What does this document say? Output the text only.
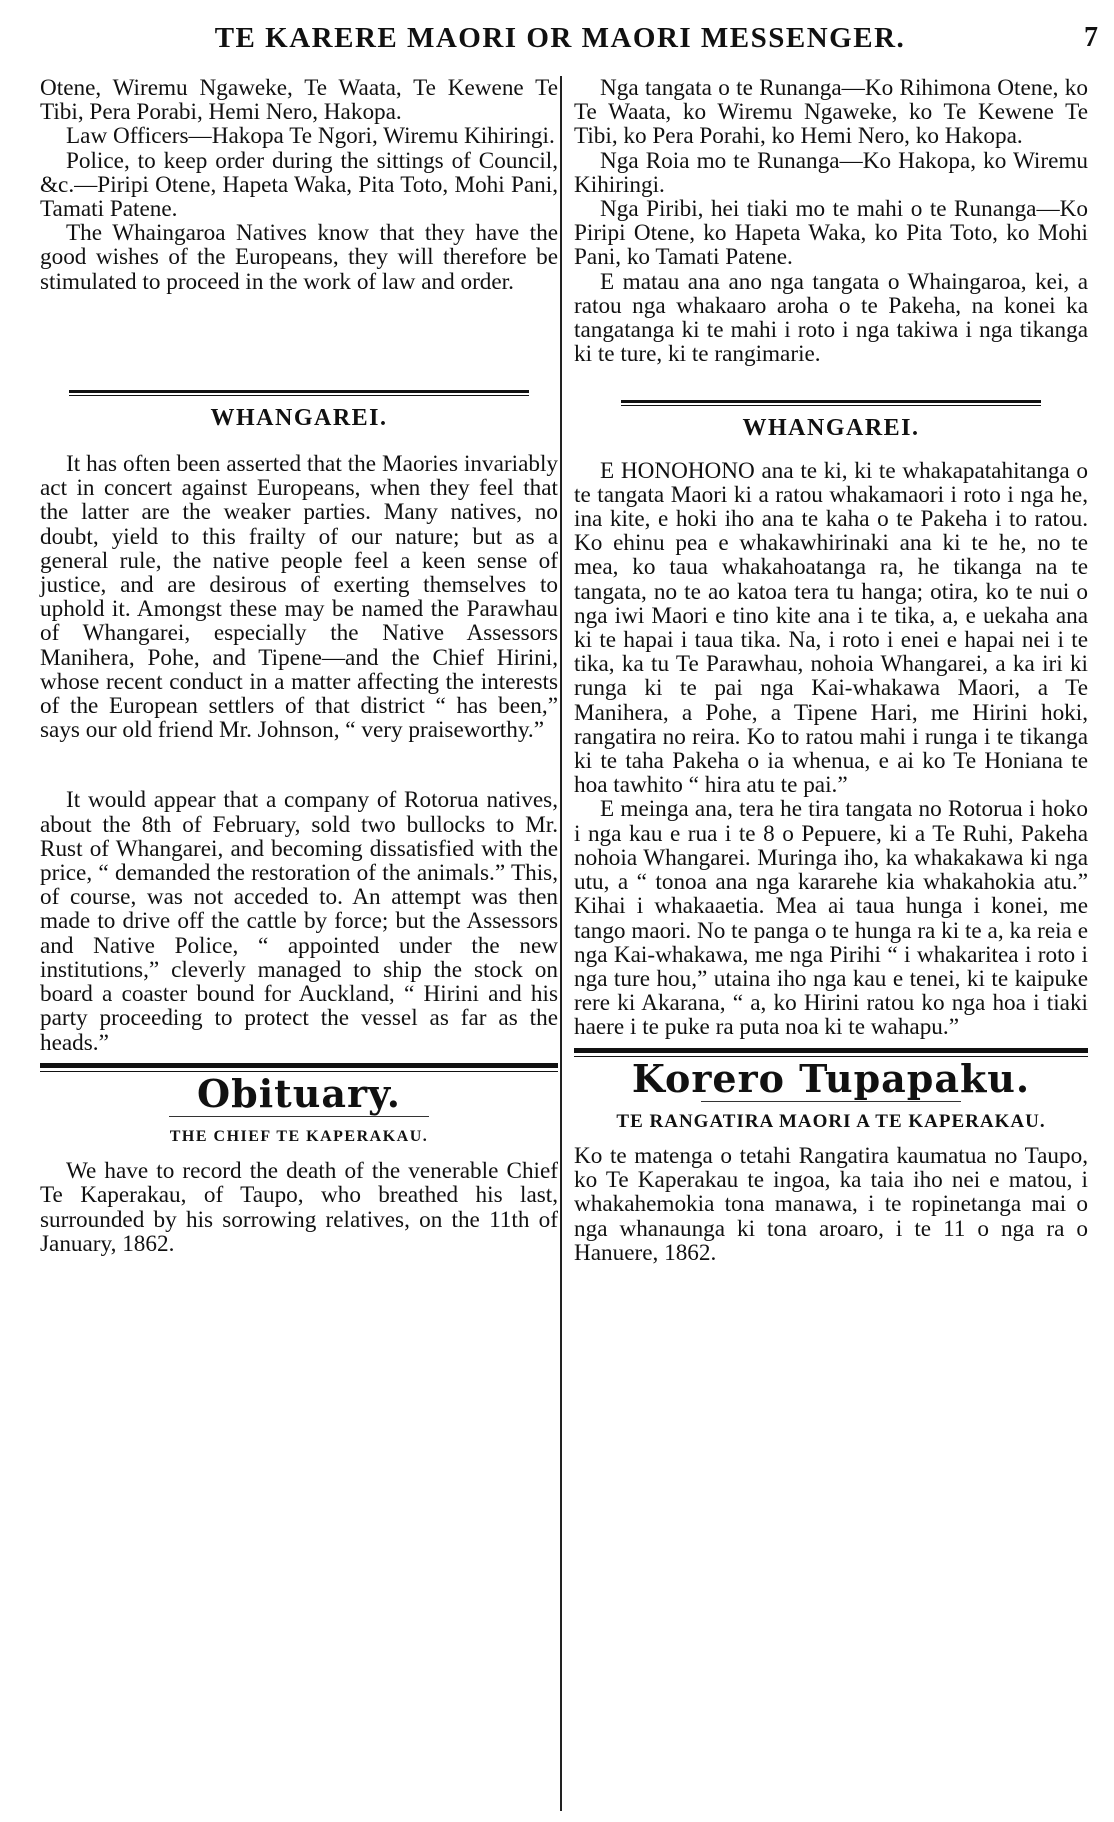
TE KARERE MAORI OR MAORI MESSENGER.	7

Otene, Wiremu Ngaweke, Te Waata, Te Kewene Te Tibi, Pera Porabi, Hemi Nero, Hakopa.

Law Officers—Hakopa Te Ngori, Wiremu Kihiringi.

Police, to keep order during the sittings of Council, &c.—Piripi Otene, Hapeta Waka, Pita Toto, Mohi Pani, Tamati Patene.

The Whaingaroa Natives know that they have the good wishes of the Europeans, they will therefore be stimulated to proceed in the work of law and order.

WHANGAREI.

It has often been asserted that the Maories invariably act in concert against Europeans, when they feel that the latter are the weaker parties. Many natives, no doubt, yield to this frailty of our nature; but as a general rule, the native people feel a keen sense of justice, and are desirous of exerting themselves to uphold it. Amongst these may be named the Parawhau of Whangarei, especially the Native Assessors Manihera, Pohe, and Tipene—and the Chief Hirini, whose recent conduct in a matter affecting the interests of the European settlers of that district “ has been,” says our old friend Mr. Johnson, “ very praiseworthy.”

It would appear that a company of Rotorua natives, about the 8th of February, sold two bullocks to Mr. Rust of Whangarei, and becoming dissatisfied with the price, “ demanded the restoration of the animals.” This, of course, was not acceded to. An attempt was then made to drive off the cattle by force; but the Assessors and Native Police, “ appointed under the new institutions,” cleverly managed to ship the stock on board a coaster bound for Auckland, “ Hirini and his party proceeding to protect the vessel as far as the heads.”

Obituary.
THE CHIEF TE KAPERAKAU.

We have to record the death of the venerable Chief Te Kaperakau, of Taupo, who breathed his last, surrounded by his sorrowing relatives, on the 11th of January, 1862.

Nga tangata o te Runanga—Ko Rihimona Otene, ko Te Waata, ko Wiremu Ngaweke, ko Te Kewene Te Tibi, ko Pera Porahi, ko Hemi Nero, ko Hakopa.

Nga Roia mo te Runanga—Ko Hakopa, ko Wiremu Kihiringi.

Nga Piribi, hei tiaki mo te mahi o te Runanga—Ko Piripi Otene, ko Hapeta Waka, ko Pita Toto, ko Mohi Pani, ko Tamati Patene.

E matau ana ano nga tangata o Whaingaroa, kei, a ratou nga whakaaro aroha o te Pakeha, na konei ka tangatanga ki te mahi i roto i nga takiwa i nga tikanga ki te ture, ki te rangimarie.

WHANGAREI.

E HONOHONO ana te ki, ki te whakapatahitanga o te tangata Maori ki a ratou whakamaori i roto i nga he, ina kite, e hoki iho ana te kaha o te Pakeha i to ratou. Ko ehinu pea e whakawhirinaki ana ki te he, no te mea, ko taua whakahoatanga ra, he tikanga na te tangata, no te ao katoa tera tu hanga; otira, ko te nui o nga iwi Maori e tino kite ana i te tika, a, e uekaha ana ki te hapai i taua tika. Na, i roto i enei e hapai nei i te tika, ka tu Te Parawhau, nohoia Whangarei, a ka iri ki runga ki te pai nga Kai-whakawa Maori, a Te Manihera, a Pohe, a Tipene Hari, me Hirini hoki, rangatira no reira. Ko to ratou mahi i runga i te tikanga ki te taha Pakeha o ia whenua, e ai ko Te Honiana te hoa tawhito “ hira atu te pai.”

E meinga ana, tera he tira tangata no Rotorua i hoko i nga kau e rua i te 8 o Pepuere, ki a Te Ruhi, Pakeha nohoia Whangarei. Muringa iho, ka whakakawa ki nga utu, a “ tonoa ana nga kararehe kia whakahokia atu.” Kihai i whakaaetia. Mea ai taua hunga i konei, me tango maori. No te panga o te hunga ra ki te a, ka reia e nga Kai-whakawa, me nga Pirihi “ i whakaritea i roto i nga ture hou,” utaina iho nga kau e tenei, ki te kaipuke rere ki Akarana, “ a, ko Hirini ratou ko nga hoa i tiaki haere i te puke ra puta noa ki te wahapu.”

Korero Tupapaku.
TE RANGATIRA MAORI A TE KAPERAKAU.

Ko te matenga o tetahi Rangatira kaumatua no Taupo, ko Te Kaperakau te ingoa, ka taia iho nei e matou, i whakahemokia tona manawa, i te ropinetanga mai o nga whanaunga ki tona aroaro, i te 11 o nga ra o Hanuere, 1862.
